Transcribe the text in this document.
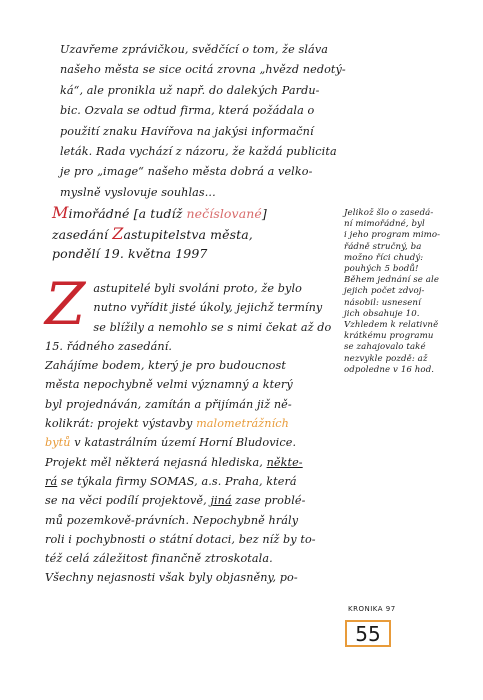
Uzavřeme zprávičkou, svědčící o tom, že sláva
našeho města se sice ocitá zrovna „hvězd nedotý-
ká“, ale pronikla už např. do dalekých Pardu-
bic. Ozvala se odtud firma, která požádala o
použití znaku Havířova na jakýsi informační
leták. Rada vychází z názoru, že každá publicita
je pro „image“ našeho města dobrá a velko-
myslně vyslovuje souhlas...
Mimořádné [a tudíž nečíslované]
zasedání Zastupitelstva města,
pondělí 19. května 1997
Jelikož šlo o zasedá-
ní mimořádné, byl
i jeho program mimo-
řádně stručný, ba
možno říci chudý:
pouhých 5 bodů!
Během jednání se ale
jejich počet zdvoj-
násobil: usnesení
jich obsahuje 10.
Vzhledem k relativně
krátkému programu
se zahajovalo také
nezvykle pozdě: až
odpoledne v 16 hod.
Z astupitelé byli svoláni proto, že bylo
nutno vyřídit jisté úkoly, jejichž termíny
se blížily a nemohlo se s nimi čekat až do
15. řádného zasedání.
Zahájíme bodem, který je pro budoucnost
města nepochybně velmi významný a který
byl projednáván, zamítán a přijímán již ně-
kolikrát: projekt výstavby malometrážních
bytů v katastrálním území Horní Bludovice.
Projekt měl některá nejasná hlediska, někte-
rá se týkala firmy SOMAS, a.s. Praha, která
se na věci podílí projektově, jiná zase problé-
mů pozemkově-právních. Nepochybně hrály
roli i pochybnosti o státní dotaci, bez níž by to-
též celá záležitost finančně ztroskotala.
Všechny nejasnosti však byly objasněny, po-
KRONIKA 97
55
